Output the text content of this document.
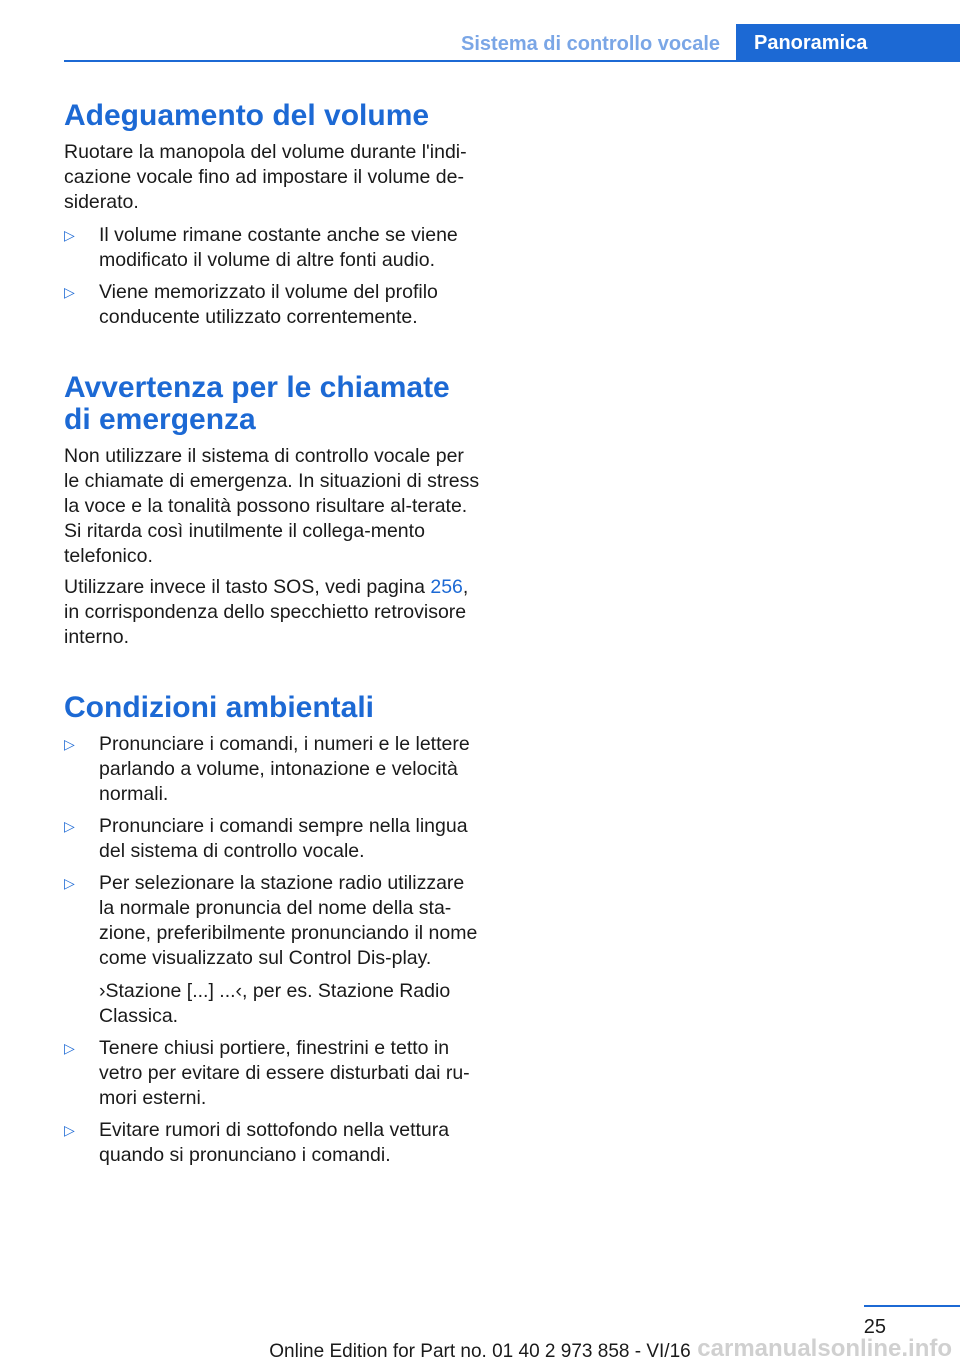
Sistema di controllo vocale	Panoramica
Adeguamento del volume

Ruotare la manopola del volume durante l'indi-cazione vocale fino ad impostare il volume de-siderato.

▷ Il volume rimane costante anche se viene modificato il volume di altre fonti audio.
▷ Viene memorizzato il volume del profilo conducente utilizzato correntemente.
Avvertenza per le chiamate di emergenza

Non utilizzare il sistema di controllo vocale per le chiamate di emergenza. In situazioni di stress la voce e la tonalità possono risultare al-terate. Si ritarda così inutilmente il collega-mento telefonico.

Utilizzare invece il tasto SOS, vedi pagina 256, in corrispondenza dello specchietto retrovisore interno.

Condizioni ambientali
▷ Pronunciare i comandi, i numeri e le lettere parlando a volume, intonazione e velocità normali.
▷ Pronunciare i comandi sempre nella lingua del sistema di controllo vocale.
▷ Per selezionare la stazione radio utilizzare la normale pronuncia del nome della sta-zione, preferibilmente pronunciando il nome come visualizzato sul Control Dis-play.

›Stazione [...] ...‹, per es. Stazione Radio Classica.

▷ Tenere chiusi portiere, finestrini e tetto in vetro per evitare di essere disturbati dai ru-mori esterni.
▷ Evitare rumori di sottofondo nella vettura quando si pronunciano i comandi.
25
Online Edition for Part no. 01 40 2 973 858 - VI/16 carmanualsonline.info
